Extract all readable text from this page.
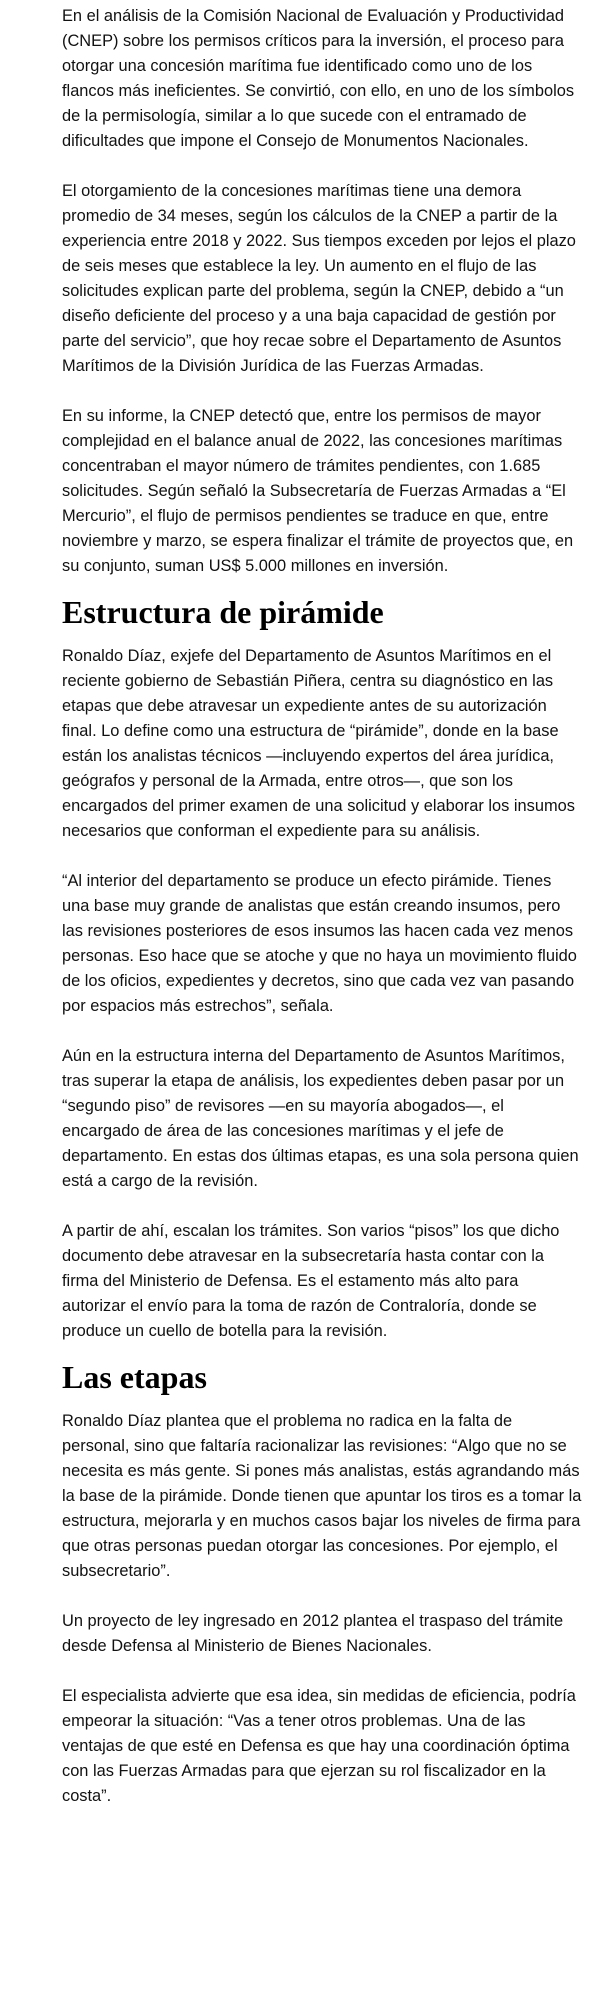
En el análisis de la Comisión Nacional de Evaluación y Productividad (CNEP) sobre los permisos críticos para la inversión, el proceso para otorgar una concesión marítima fue identificado como uno de los flancos más ineficientes. Se convirtió, con ello, en uno de los símbolos de la permisología, similar a lo que sucede con el entramado de dificultades que impone el Consejo de Monumentos Nacionales.

El otorgamiento de la concesiones marítimas tiene una demora promedio de 34 meses, según los cálculos de la CNEP a partir de la experiencia entre 2018 y 2022. Sus tiempos exceden por lejos el plazo de seis meses que establece la ley. Un aumento en el flujo de las solicitudes explican parte del problema, según la CNEP, debido a “un diseño deficiente del proceso y a una baja capacidad de gestión por parte del servicio”, que hoy recae sobre el Departamento de Asuntos Marítimos de la División Jurídica de las Fuerzas Armadas.

En su informe, la CNEP detectó que, entre los permisos de mayor complejidad en el balance anual de 2022, las concesiones marítimas concentraban el mayor número de trámites pendientes, con 1.685 solicitudes. Según señaló la Subsecretaría de Fuerzas Armadas a “El Mercurio”, el flujo de permisos pendientes se traduce en que, entre noviembre y marzo, se espera finalizar el trámite de proyectos que, en su conjunto, suman US$ 5.000 millones en inversión.

Estructura de pirámide

Ronaldo Díaz, exjefe del Departamento de Asuntos Marítimos en el reciente gobierno de Sebastián Piñera, centra su diagnóstico en las etapas que debe atravesar un expediente antes de su autorización final. Lo define como una estructura de “pirámide”, donde en la base están los analistas técnicos —incluyendo expertos del área jurídica, geógrafos y personal de la Armada, entre otros—, que son los encargados del primer examen de una solicitud y elaborar los insumos necesarios que conforman el expediente para su análisis.

“Al interior del departamento se produce un efecto pirámide. Tienes una base muy grande de analistas que están creando insumos, pero las revisiones posteriores de esos insumos las hacen cada vez menos personas. Eso hace que se atoche y que no haya un movimiento fluido de los oficios, expedientes y decretos, sino que cada vez van pasando por espacios más estrechos”, señala.

Aún en la estructura interna del Departamento de Asuntos Marítimos, tras superar la etapa de análisis, los expedientes deben pasar por un “segundo piso” de revisores —en su mayoría abogados—, el encargado de área de las concesiones marítimas y el jefe de departamento. En estas dos últimas etapas, es una sola persona quien está a cargo de la revisión.

A partir de ahí, escalan los trámites. Son varios “pisos” los que dicho documento debe atravesar en la subsecretaría hasta contar con la firma del Ministerio de Defensa. Es el estamento más alto para autorizar el envío para la toma de razón de Contraloría, donde se produce un cuello de botella para la revisión.

Las etapas

Ronaldo Díaz plantea que el problema no radica en la falta de personal, sino que faltaría racionalizar las revisiones: “Algo que no se necesita es más gente. Si pones más analistas, estás agrandando más la base de la pirámide. Donde tienen que apuntar los tiros es a tomar la estructura, mejorarla y en muchos casos bajar los niveles de firma para que otras personas puedan otorgar las concesiones. Por ejemplo, el subsecretario”.

Un proyecto de ley ingresado en 2012 plantea el traspaso del trámite desde Defensa al Ministerio de Bienes Nacionales.

El especialista advierte que esa idea, sin medidas de eficiencia, podría empeorar la situación: “Vas a tener otros problemas. Una de las ventajas de que esté en Defensa es que hay una coordinación óptima con las Fuerzas Armadas para que ejerzan su rol fiscalizador en la costa”.
